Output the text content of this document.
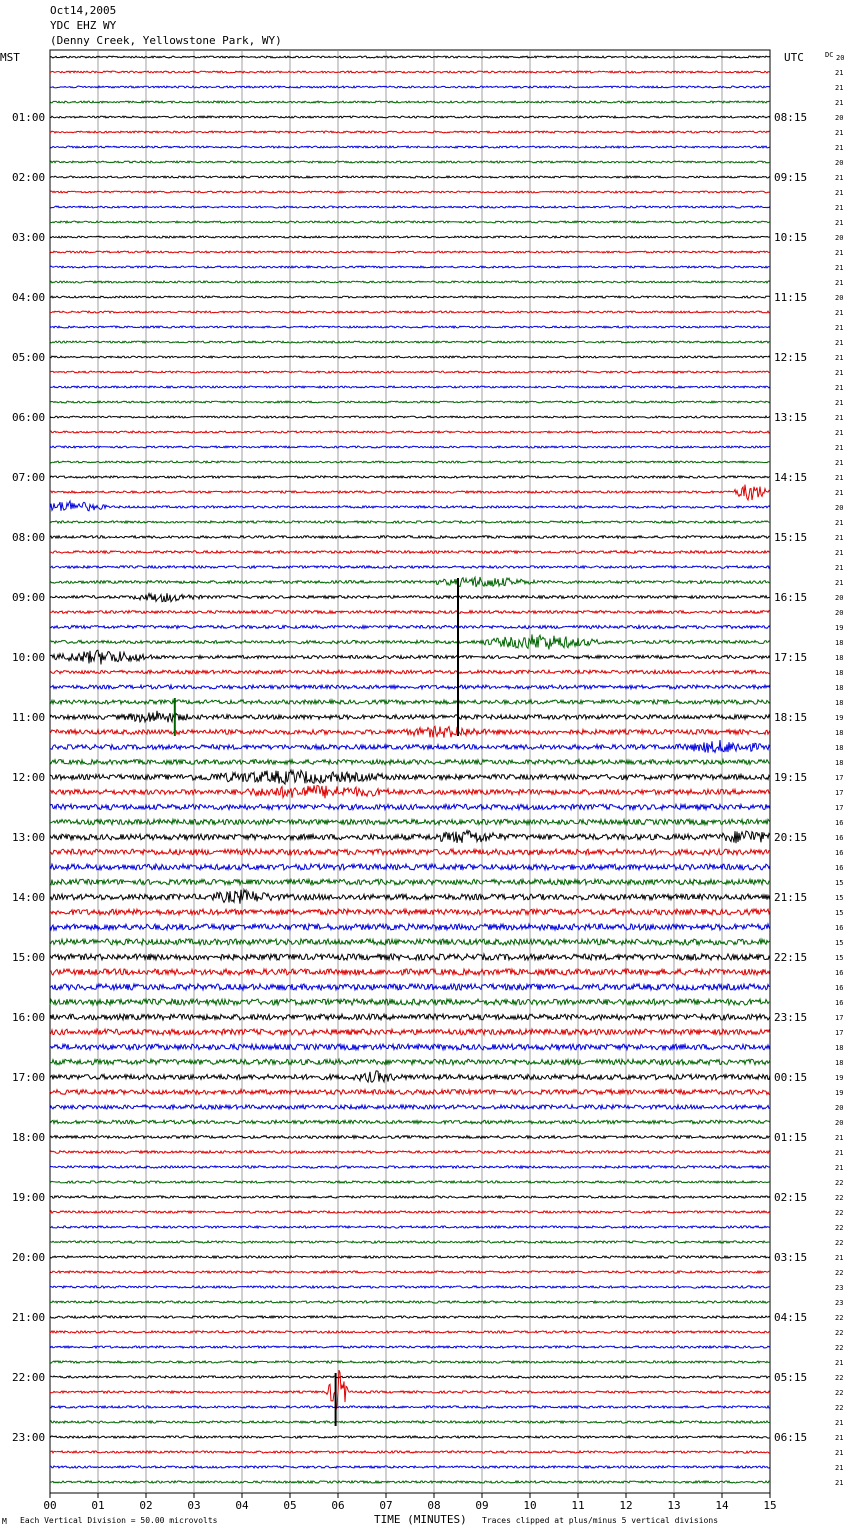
Oct14,2005
YDC EHZ WY
(Denny Creek, Yellowstone Park, WY)
01:00	08:15
02:00	09:15
03:00	10:15
04:00	11:15
05:00	12:15
06:00	13:15
07:00	14:15
08:00	15:15
09:00	16:15
10:00	17:15
11:00	18:15
12:00	19:15
13:00	20:15
14:00	21:15
15:00	22:15
16:00	23:15
17:00	00:15
18:00	01:15
19:00	02:15
20:00	03:15
21:00	04:15
22:00	05:15
23:00	06:15
20
21
21
21
20
21
21
20
21
21
21
21
20
21
21
21
20
21
21
21
21
21
21
21
21
21
21
21
21
21
20
21
21
21
21
21
20
20
19
18
18
18
18
18
19
18
18
18
17
17
17
16
16
16
16
15
15
15
16
15
15
16
16
16
17
17
18
18
19
19
20
20
21
21
21
22
22
22
22
22
21
22
23
23
22
22
22
21
22
22
22
21
21
21
21
21
00	01	02	03	04	05	06	07	08	09	10	11	12	13	14	15
MST	UTC	DC
M Each Vertical Division = 50.00 microvolts	TIME (MINUTES) Traces clipped at plus/minus 5 vertical divisions
